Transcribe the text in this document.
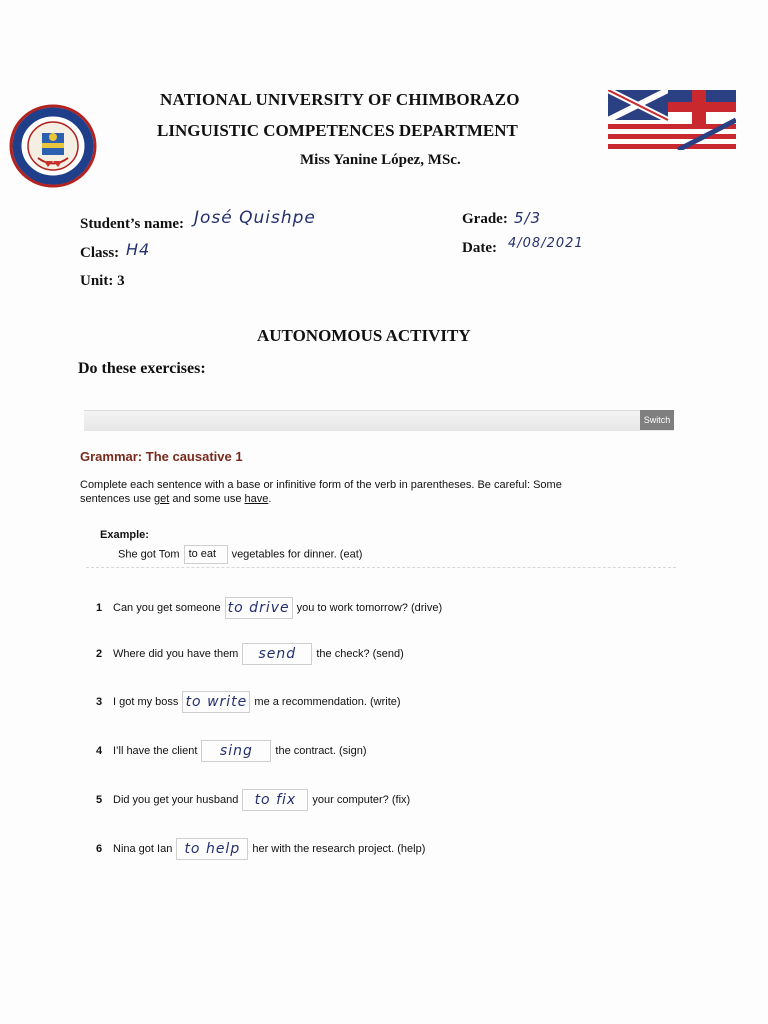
NATIONAL UNIVERSITY OF CHIMBORAZO
LINGUISTIC COMPETENCES DEPARTMENT
Miss Yanine López, MSc.
Student’s name: José Quishpe	Grade: 5/3
Class: H4	Date: 4/08/2021
Unit: 3
AUTONOMOUS ACTIVITY
Do these exercises:
Switch
Grammar: The causative 1
Complete each sentence with a base or infinitive form of the verb in parentheses. Be careful: Some sentences use get and some use have.
Example:
She got Tom to eat vegetables for dinner. (eat)
1 Can you get someone to drive you to work tomorrow? (drive)
2 Where did you have them send the check? (send)
3 I got my boss to write me a recommendation. (write)
4 I’ll have the client sing the contract. (sign)
5 Did you get your husband to fix your computer? (fix)
6 Nina got Ian to help her with the research project. (help)
